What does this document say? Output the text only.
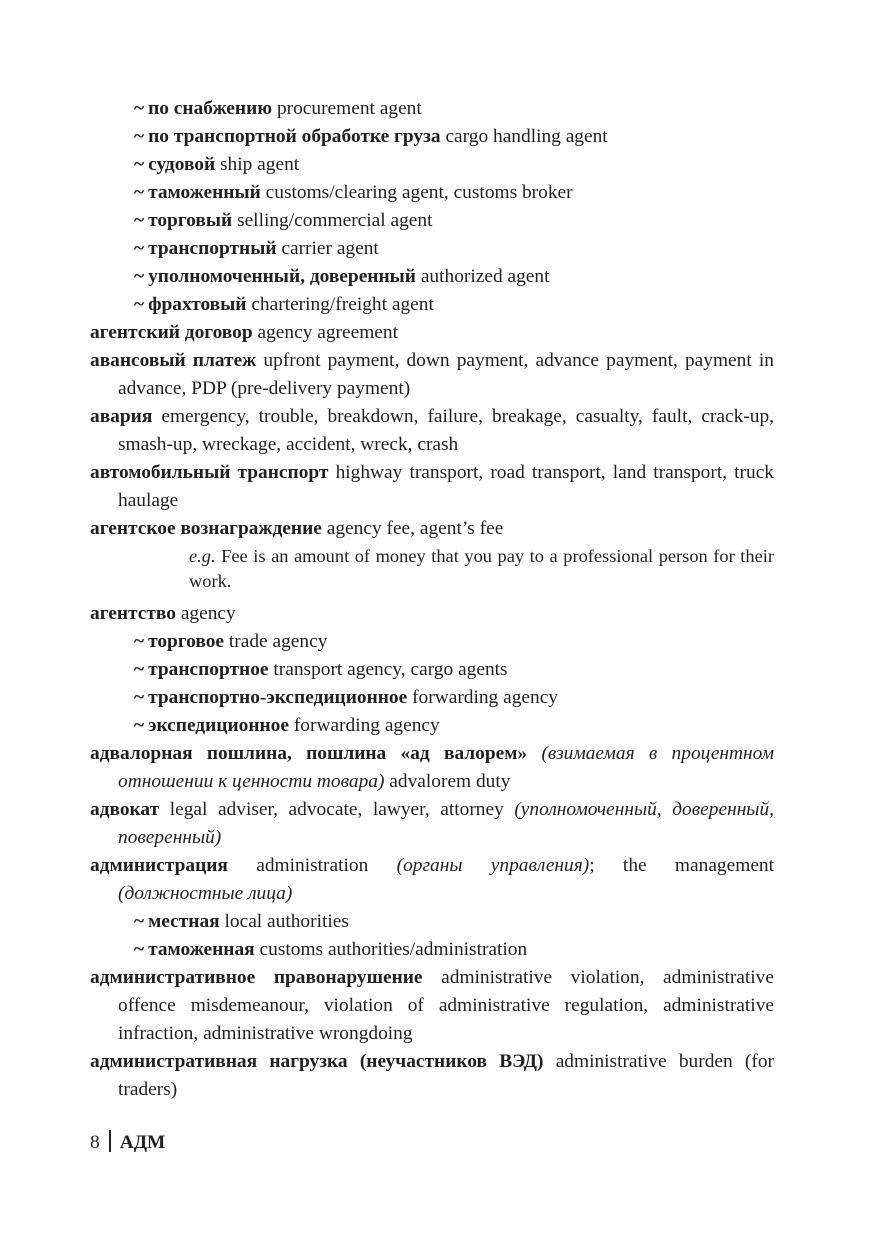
~ по снабжению procurement agent
~ по транспортной обработке груза cargo handling agent
~ судовой ship agent
~ таможенный customs/clearing agent, customs broker
~ торговый selling/commercial agent
~ транспортный carrier agent
~ уполномоченный, доверенный authorized agent
~ фрахтовый chartering/freight agent
агентский договор agency agreement
авансовый платеж upfront payment, down payment, advance payment, payment in advance, PDP (pre-delivery payment)
авария emergency, trouble, breakdown, failure, breakage, casualty, fault, crack-up, smash-up, wreckage, accident, wreck, crash
автомобильный транспорт highway transport, road transport, land transport, truck haulage
агентское вознаграждение agency fee, agent’s fee
e.g. Fee is an amount of money that you pay to a professional person for their work.
агентство agency
~ торговое trade agency
~ транспортное transport agency, cargo agents
~ транспортно-экспедиционное forwarding agency
~ экспедиционное forwarding agency
адвалорная пошлина, пошлина «ад валорем» (взимаемая в процентном отношении к ценности товара) advalorem duty
адвокат legal adviser, advocate, lawyer, attorney (уполномоченный, доверенный, поверенный)
администрация administration (органы управления); the management (должностные лица)
~ местная local authorities
~ таможенная customs authorities/administration
административное правонарушение administrative violation, administrative offence misdemeanour, violation of administrative regulation, administrative infraction, administrative wrongdoing
административная нагрузка (неучастников ВЭД) administrative burden (for traders)
8 АДМ
